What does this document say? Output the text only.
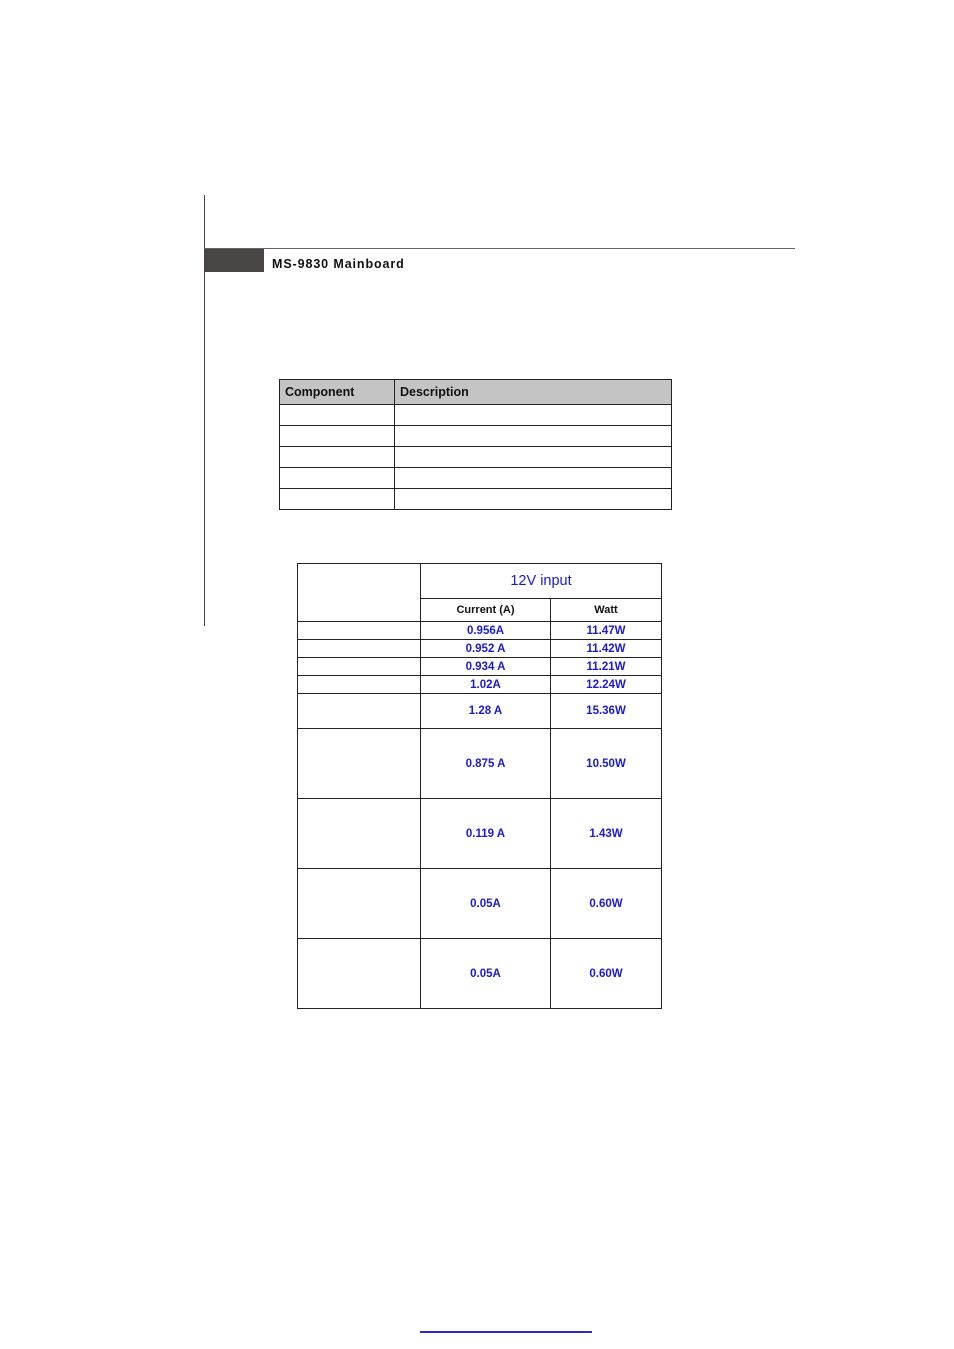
MS-9830 Mainboard
Component	Description

	12V input	
	Current (A)	Watt
	0.956A	11.47W
	0.952 A	11.42W
	0.934 A	11.21W
	1.02A	12.24W
	1.28 A	15.36W
	0.875 A	10.50W
	0.119 A	1.43W
	0.05A	0.60W
	0.05A	0.60W
